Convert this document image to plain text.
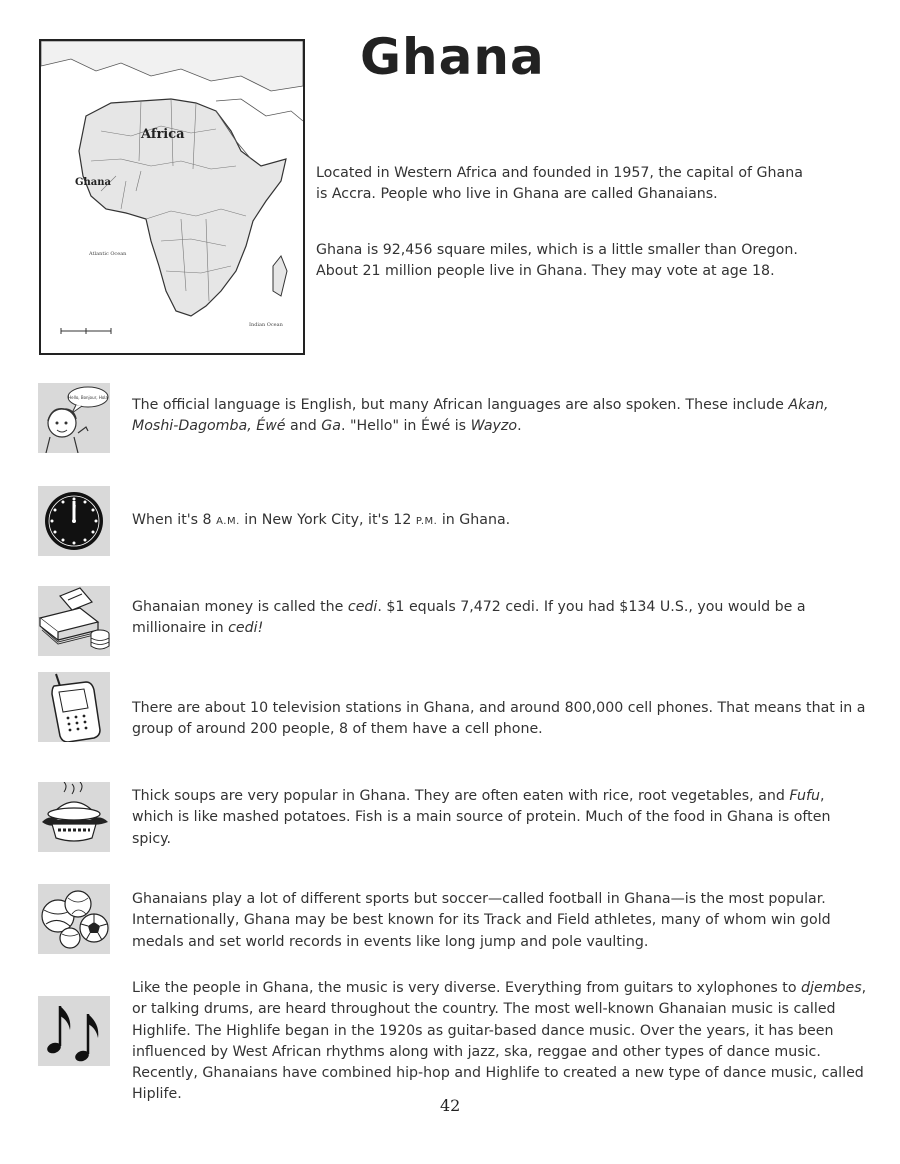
Africa
Ghana
Atlantic Ocean
Indian Ocean
Ghana

Located in Western Africa and founded in 1957, the capital of Ghana is Accra. People who live in Ghana are called Ghanaians.

Ghana is 92,456 square miles, which is a little smaller than Oregon. About 21 million people live in Ghana. They may vote at age 18.

Hello, Bonjour, Hola The official language is English, but many African languages are also spoken. These include Akan, Moshi-Dagomba, Éwé and Ga. "Hello" in Éwé is Wayzo.

When it's 8 A.M. in New York City, it's 12 P.M. in Ghana.

Ghanaian money is called the cedi. $1 equals 7,472 cedi. If you had $134 U.S., you would be a millionaire in cedi!

There are about 10 television stations in Ghana, and around 800,000 cell phones. That means that in a group of around 200 people, 8 of them have a cell phone.

Thick soups are very popular in Ghana. They are often eaten with rice, root vegetables, and Fufu, which is like mashed potatoes. Fish is a main source of protein. Much of the food in Ghana is often spicy.

Ghanaians play a lot of different sports but soccer—called football in Ghana—is the most popular. Internationally, Ghana may be best known for its Track and Field athletes, many of whom win gold medals and set world records in events like long jump and pole vaulting.

Like the people in Ghana, the music is very diverse. Everything from guitars to xylophones to djembes, or talking drums, are heard throughout the country. The most well-known Ghanaian music is called Highlife. The Highlife began in the 1920s as guitar-based dance music. Over the years, it has been influenced by West African rhythms along with jazz, ska, reggae and other types of dance music. Recently, Ghanaians have combined hip-hop and Highlife to created a new type of dance music, called Hiplife.

42
